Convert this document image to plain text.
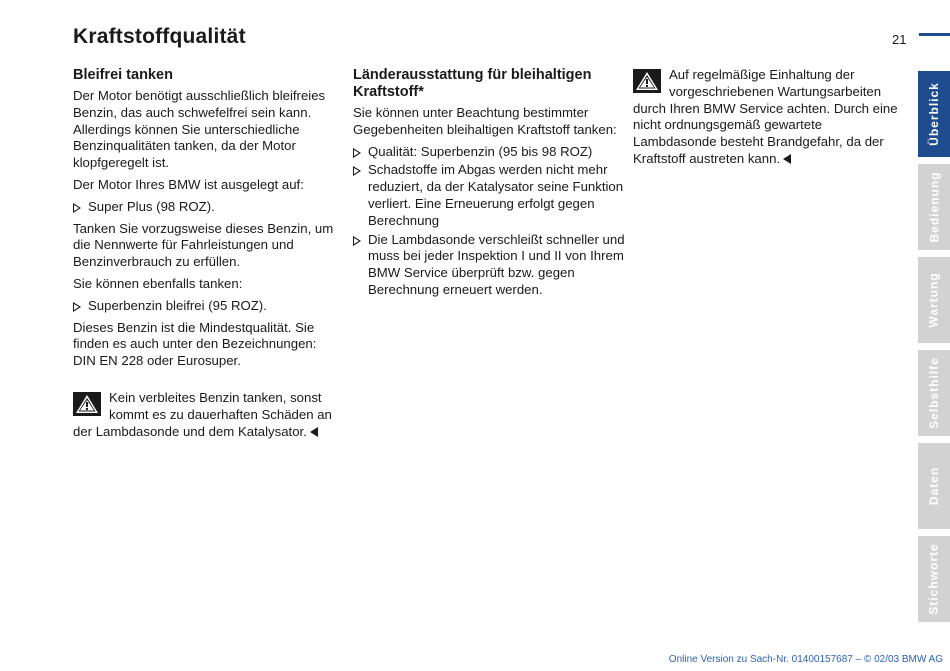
Kraftstoffqualität	21
Bleifrei tanken

Der Motor benötigt ausschließlich bleifreies Benzin, das auch schwefelfrei sein kann. Allerdings können Sie unterschiedliche Benzinqualitäten tanken, da der Motor klopfgeregelt ist.

Der Motor Ihres BMW ist ausgelegt auf:

Super Plus (98 ROZ).

Tanken Sie vorzugsweise dieses Benzin, um die Nennwerte für Fahrleistungen und Benzinverbrauch zu erfüllen.

Sie können ebenfalls tanken:

Superbenzin bleifrei (95 ROZ).

Dieses Benzin ist die Mindestqualität. Sie finden es auch unter den Bezeichnungen:

DIN EN 228 oder Eurosuper.

Kein verbleites Benzin tanken, sonst kommt es zu dauerhaften Schäden an der Lambdasonde und dem Katalysator.
Länderausstattung für bleihaltigen Kraftstoff*

Sie können unter Beachtung bestimmter Gegebenheiten bleihaltigen Kraftstoff tanken:

Qualität: Superbenzin (95 bis 98 ROZ)
Schadstoffe im Abgas werden nicht mehr reduziert, da der Katalysator seine Funktion verliert. Eine Erneuerung erfolgt gegen Berechnung
Die Lambdasonde verschleißt schneller und muss bei jeder Inspektion I und II von Ihrem BMW Service überprüft bzw. gegen Berechnung erneuert werden.
Auf regelmäßige Einhaltung der vorgeschriebenen Wartungsarbeiten durch Ihren BMW Service achten. Durch eine nicht ordnungsgemäß gewartete Lambdasonde besteht Brandgefahr, da der Kraftstoff austreten kann.
Überblick
Bedienung
Wartung
Selbsthilfe
Daten
Stichworte
Online Version zu Sach-Nr. 01400157687 – © 02/03 BMW AG
